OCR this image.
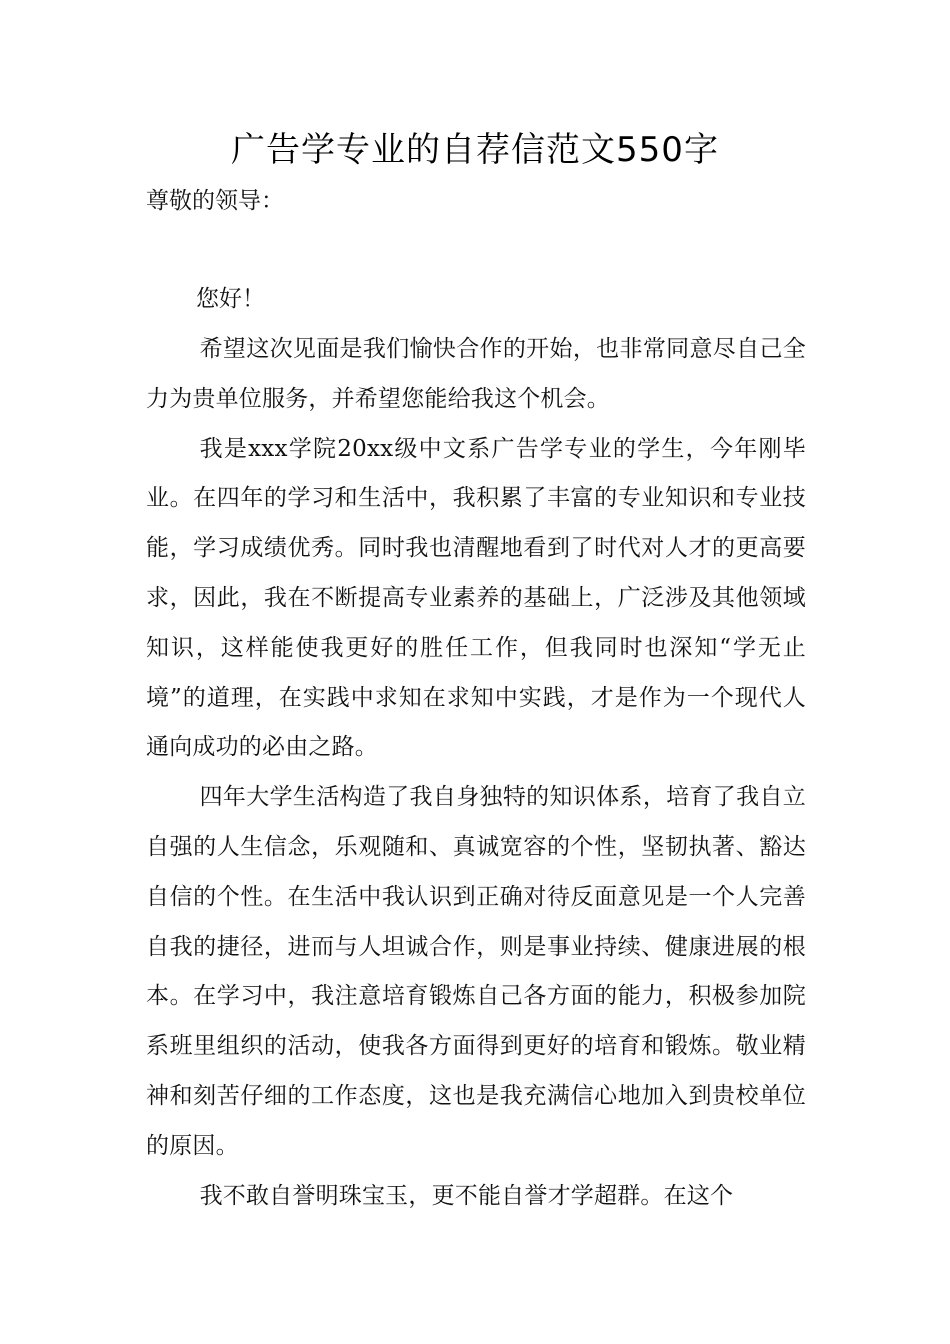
广告学专业的自荐信范文550字
尊敬的领导：
您好！

希望这次见面是我们愉快合作的开始，也非常同意尽自己全力为贵单位服务，并希望您能给我这个机会。

我是xxx学院20xx级中文系广告学专业的学生，今年刚毕业。在四年的学习和生活中，我积累了丰富的专业知识和专业技能，学习成绩优秀。同时我也清醒地看到了时代对人才的更高要求，因此，我在不断提高专业素养的基础上，广泛涉及其他领域知识，这样能使我更好的胜任工作，但我同时也深知“学无止境”的道理，在实践中求知在求知中实践，才是作为一个现代人通向成功的必由之路。

四年大学生活构造了我自身独特的知识体系，培育了我自立自强的人生信念，乐观随和、真诚宽容的个性，坚韧执著、豁达自信的个性。在生活中我认识到正确对待反面意见是一个人完善自我的捷径，进而与人坦诚合作，则是事业持续、健康进展的根本。在学习中，我注意培育锻炼自己各方面的能力，积极参加院系班里组织的活动，使我各方面得到更好的培育和锻炼。敬业精神和刻苦仔细的工作态度，这也是我充满信心地加入到贵校单位的原因。

我不敢自誉明珠宝玉，更不能自誉才学超群。在这个
